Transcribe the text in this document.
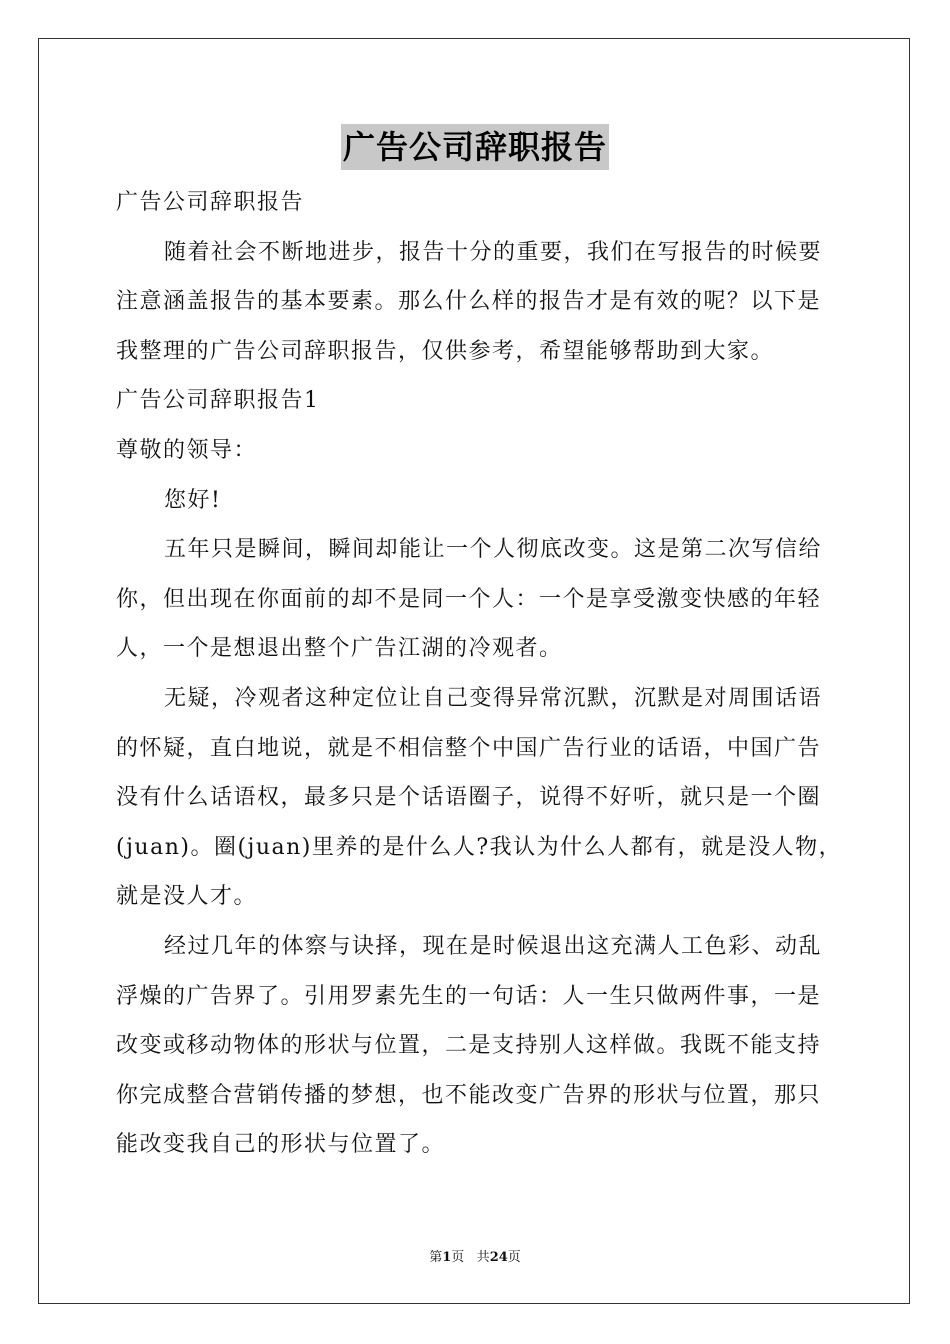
广告公司辞职报告
广告公司辞职报告
随着社会不断地进步，报告十分的重要，我们在写报告的时候要
注意涵盖报告的基本要素。那么什么样的报告才是有效的呢？以下是
我整理的广告公司辞职报告，仅供参考，希望能够帮助到大家。
广告公司辞职报告1
尊敬的领导：
您好!
五年只是瞬间，瞬间却能让一个人彻底改变。这是第二次写信给
你，但出现在你面前的却不是同一个人：一个是享受激变快感的年轻
人，一个是想退出整个广告江湖的冷观者。
无疑，冷观者这种定位让自己变得异常沉默，沉默是对周围话语
的怀疑，直白地说，就是不相信整个中国广告行业的话语，中国广告
没有什么话语权，最多只是个话语圈子，说得不好听，就只是一个圈
(juan)。圈(juan)里养的是什么人?我认为什么人都有，就是没人物，
就是没人才。
经过几年的体察与诀择，现在是时候退出这充满人工色彩、动乱
浮燥的广告界了。引用罗素先生的一句话：人一生只做两件事，一是
改变或移动物体的形状与位置，二是支持别人这样做。我既不能支持
你完成整合营销传播的梦想，也不能改变广告界的形状与位置，那只
能改变我自己的形状与位置了。
第1页 共24页
